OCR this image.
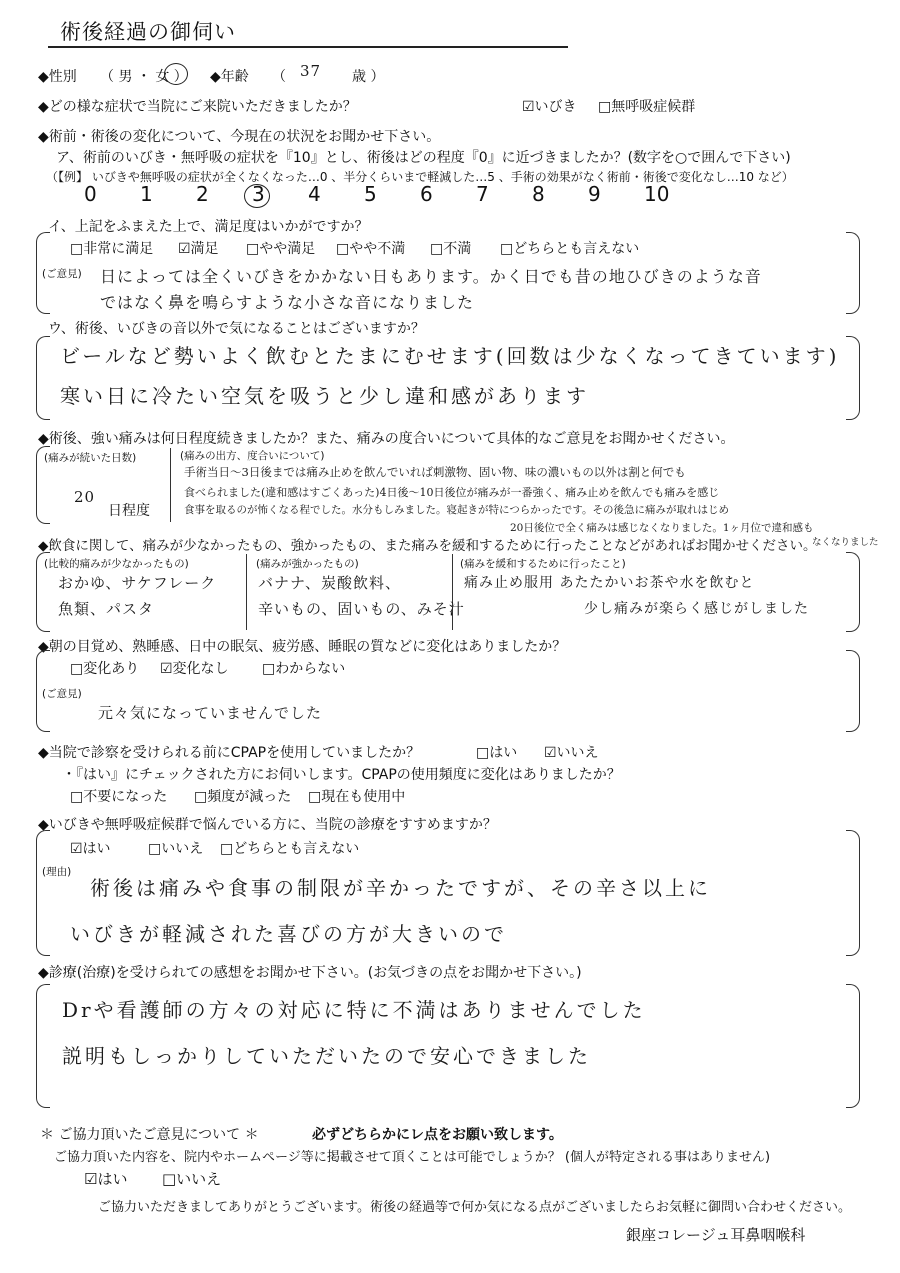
術後経過の御伺い
◆性別 （ 男 ・ 女 ） ◆年齢 （ 37 歳 ）
◆どの様な症状で当院にご来院いただきましたか？	☑いびき □無呼吸症候群
◆術前・術後の変化について、今現在の状況をお聞かせ下さい。
ア、術前のいびき・無呼吸の症状を『10』とし、術後はどの程度『0』に近づきましたか？(数字を○で囲んで下さい)
（【例】 いびきや無呼吸の症状が全くなくなった…0 、半分くらいまで軽減した…5 、手術の効果がなく術前・術後で変化なし…10 など）
0 1 2 3 4 5 6 7 8 9 10
イ、上記をふまえた上で、満足度はいかがですか？
□非常に満足 ☑満足 □やや満足 □やや不満 □不満 □どちらとも言えない
(ご意見) 日によっては全くいびきをかかない日もあります。かく日でも昔の地ひびきのような音
ではなく鼻を鳴らすような小さな音になりました
ウ、術後、いびきの音以外で気になることはございますか？
ビールなど勢いよく飲むとたまにむせます(回数は少なくなってきています)
寒い日に冷たい空気を吸うと少し違和感があります
◆術後、強い痛みは何日程度続きましたか？また、痛みの度合いについて具体的なご意見をお聞かせください。
(痛みが続いた日数)
20
日程度
(痛みの出方、度合いについて)
手術当日〜3日後までは痛み止めを飲んでいれば刺激物、固い物、味の濃いもの以外は割と何でも
食べられました(違和感はすごくあった)4日後〜10日後位が痛みが一番強く、痛み止めを飲んでも痛みを感じ
食事を取るのが怖くなる程でした。水分もしみました。寝起きが特につらかったです。その後急に痛みが取れはじめ
20日後位で全く痛みは感じなくなりました。1ヶ月位で違和感も
なくなりました
◆飲食に関して、痛みが少なかったもの、強かったもの、また痛みを緩和するために行ったことなどがあればお聞かせください。
(比較的痛みが少なかったもの)
おかゆ、サケフレーク
魚類、パスタ
(痛みが強かったもの)
バナナ、炭酸飲料、
辛いもの、固いもの、みそ汁
(痛みを緩和するために行ったこと)
痛み止め服用 あたたかいお茶や水を飲むと
少し痛みが楽らく感じがしました
◆朝の目覚め、熟睡感、日中の眠気、疲労感、睡眠の質などに変化はありましたか？
□変化あり ☑変化なし □わからない
(ご意見)
元々気になっていませんでした
◆当院で診察を受けられる前にCPAPを使用していましたか？	□はい ☑いいえ
・『はい』にチェックされた方にお伺いします。CPAPの使用頻度に変化はありましたか？
□不要になった □頻度が減った □現在も使用中
◆いびきや無呼吸症候群で悩んでいる方に、当院の診療をすすめますか？
☑はい	□いいえ □どちらとも言えない
(理由)
術後は痛みや食事の制限が辛かったですが、その辛さ以上に
いびきが軽減された喜びの方が大きいので
◆診療(治療)を受けられての感想をお聞かせ下さい。(お気づきの点をお聞かせ下さい。)
Drや看護師の方々の対応に特に不満はありませんでした
説明もしっかりしていただいたので安心できました
＊ ご協力頂いたご意見について ＊	必ずどちらかにレ点をお願い致します。
ご協力頂いた内容を、院内やホームページ等に掲載させて頂くことは可能でしょうか？ (個人が特定される事はありません)
☑はい □いいえ
ご協力いただきましてありがとうございます。術後の経過等で何か気になる点がございましたらお気軽に御問い合わせください。
銀座コレージュ耳鼻咽喉科
